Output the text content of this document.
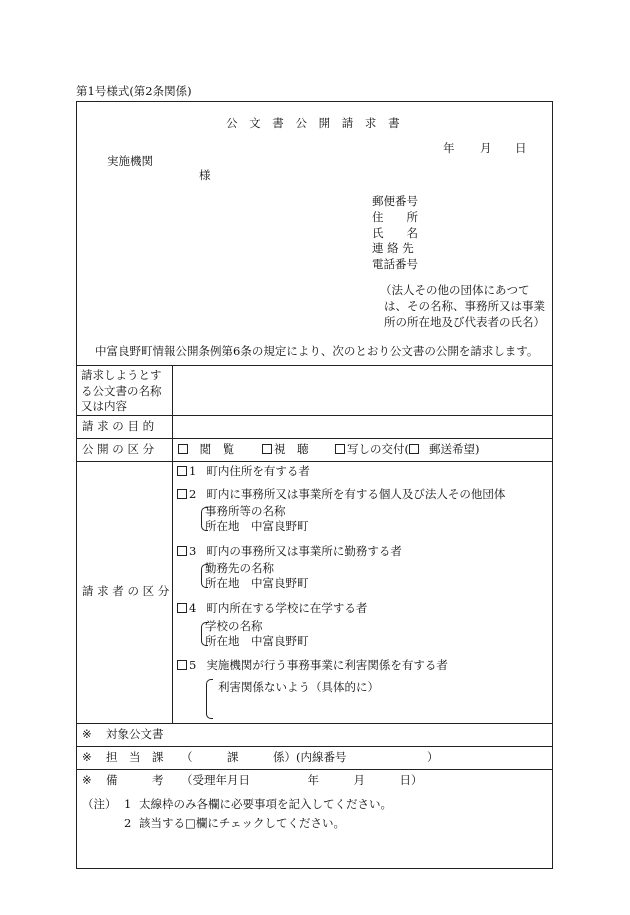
第1号様式(第2条関係)
公 文 書 公 開 請 求 書
年 月 日
実施機関
様
郵便番号
住　　所
氏　　名
連 絡 先
電話番号
（法人その他の団体にあつて
は、その名称、事務所又は事業
所の所在地及び代表者の氏名）
中富良野町情報公開条例第6条の規定により、次のとおり公文書の公開を請求します。
請求しようとす
る公文書の名称
又は内容
請 求 の 目 的
公 開 の 区 分	閲　覧	視　聴	写しの交付( 郵送希望)
請 求 者 の 区 分
1 町内住所を有する者
2 町内に事務所又は事業所を有する個人及び法人その他団体
事務所等の名称
所在地　中富良野町
3 町内の事務所又は事業所に勤務する者
勤務先の名称
所在地　中富良野町
4 町内所在する学校に在学する者
学校の名称
所在地　中富良野町
5 実施機関が行う事務事業に利害関係を有する者
利害関係ないよう（具体的に）
※ 対象公文書
※ 担　当　課 （　　　課　　　係）(内線番号　　　　　　　）
※ 備　　　考 （受理年月日　　　　　年　　　月　　　日）
（注） 1 太線枠のみ各欄に必要事項を記入してください。
2 該当する□欄にチェックしてください。
